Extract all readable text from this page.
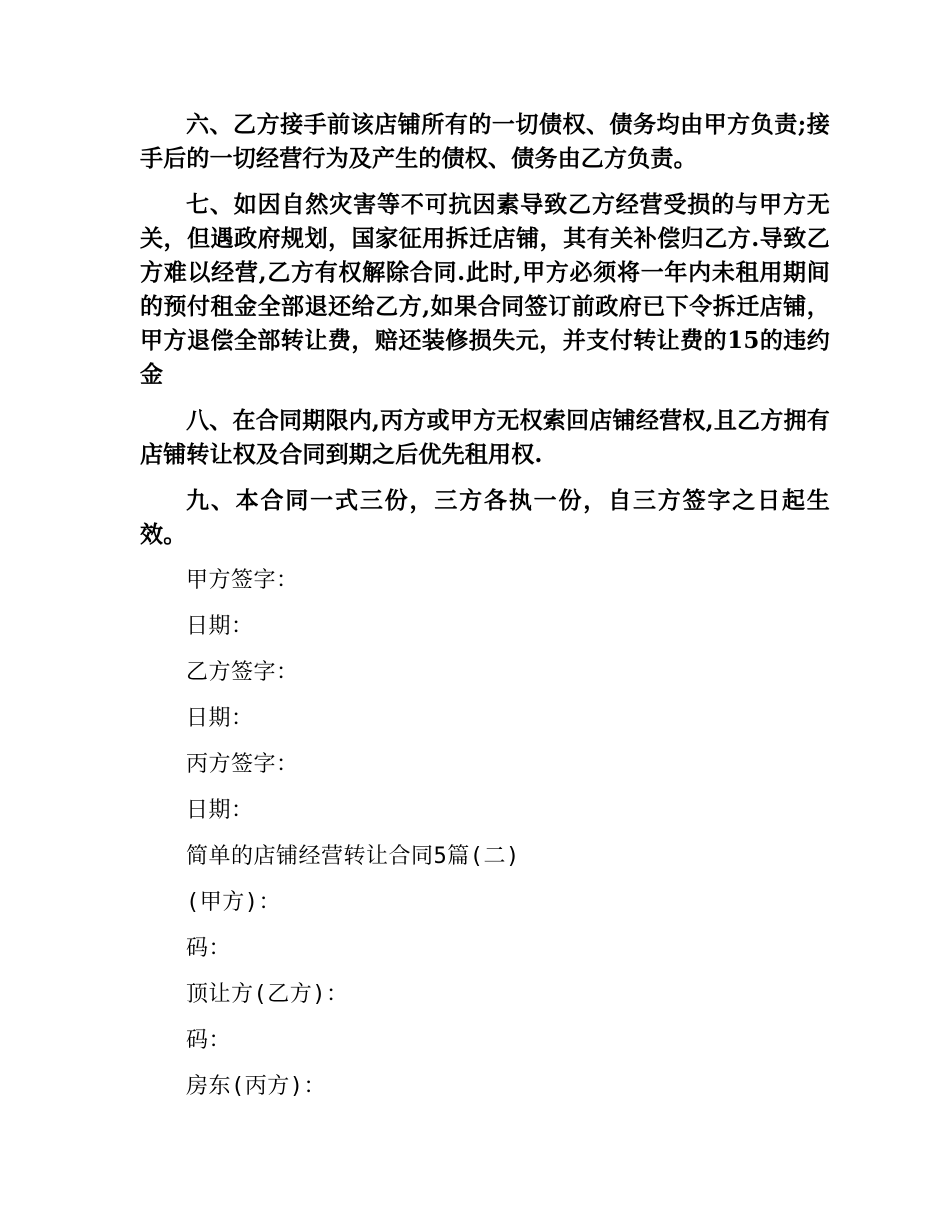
六、乙方接手前该店铺所有的一切债权、债务均由甲方负责;接手后的一切经营行为及产生的债权、债务由乙方负责。

七、如因自然灾害等不可抗因素导致乙方经营受损的与甲方无关，但遇政府规划，国家征用拆迁店铺，其有关补偿归乙方.导致乙方难以经营,乙方有权解除合同.此时,甲方必须将一年内未租用期间的预付租金全部退还给乙方,如果合同签订前政府已下令拆迁店铺，甲方退偿全部转让费，赔还装修损失元，并支付转让费的15的违约金

八、在合同期限内,丙方或甲方无权索回店铺经营权,且乙方拥有店铺转让权及合同到期之后优先租用权.

九、本合同一式三份，三方各执一份，自三方签字之日起生效。

甲方签字：

日期：

乙方签字：

日期：

丙方签字：

日期：

简单的店铺经营转让合同5篇(二)

(甲方)：

码：

顶让方(乙方)：

码：

房东(丙方)：
